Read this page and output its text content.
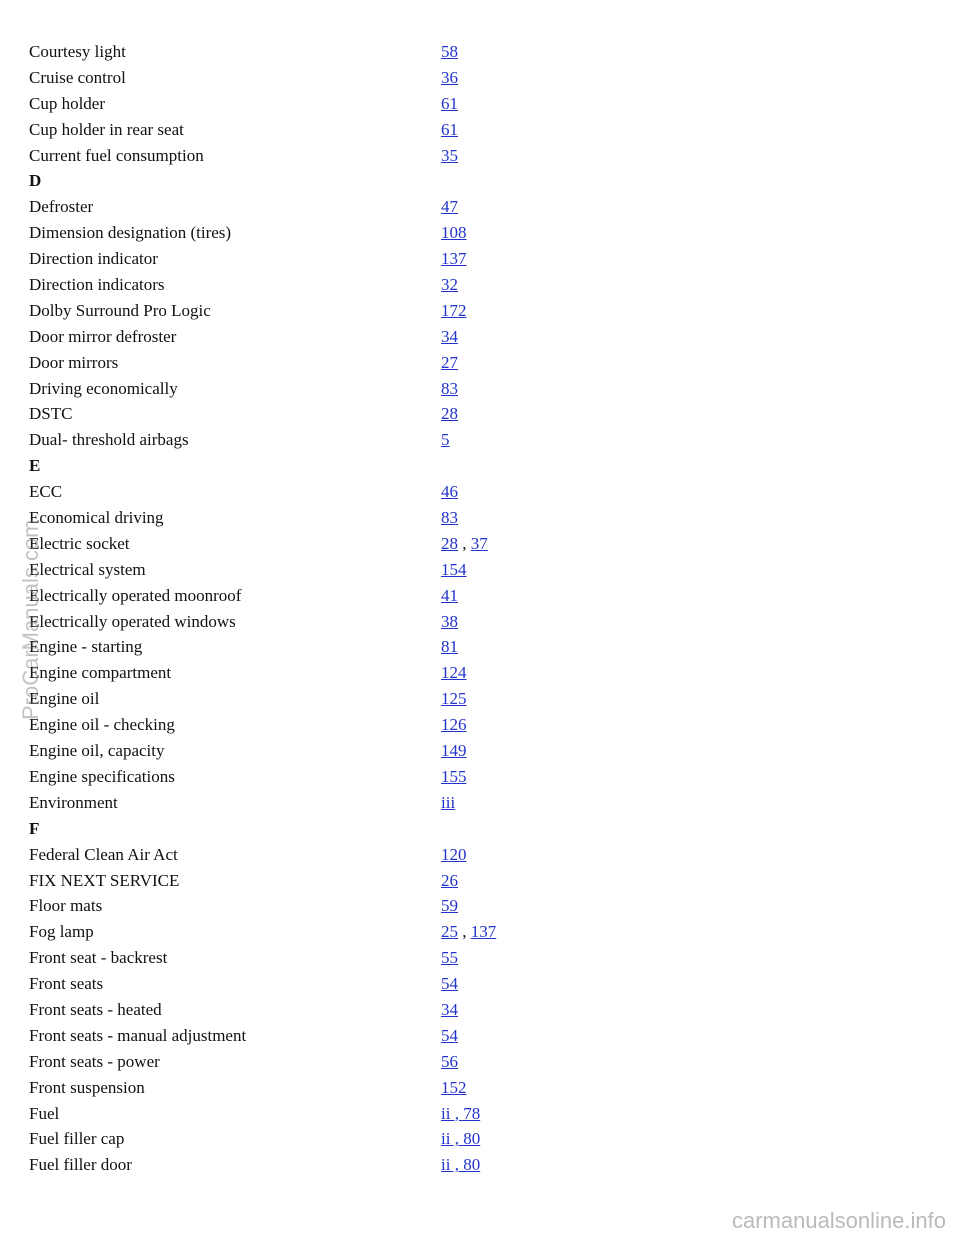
Courtesy light	58
Cruise control	36
Cup holder	61
Cup holder in rear seat	61
Current fuel consumption	35
D
Defroster	47
Dimension designation (tires)	108
Direction indicator	137
Direction indicators	32
Dolby Surround Pro Logic	172
Door mirror defroster	34
Door mirrors	27
Driving economically	83
DSTC	28
Dual- threshold airbags	5
E
ECC	46
Economical driving	83
Electric socket	28 , 37
Electrical system	154
Electrically operated moonroof	41
Electrically operated windows	38
Engine - starting	81
Engine compartment	124
Engine oil	125
Engine oil - checking	126
Engine oil, capacity	149
Engine specifications	155
Environment	iii
F
Federal Clean Air Act	120
FIX NEXT SERVICE	26
Floor mats	59
Fog lamp	25 , 137
Front seat - backrest	55
Front seats	54
Front seats - heated	34
Front seats - manual adjustment	54
Front seats - power	56
Front suspension	152
Fuel	ii , 78
Fuel filler cap	ii , 80
Fuel filler door	ii , 80
ProCarManuals.com
carmanualsonline.info
